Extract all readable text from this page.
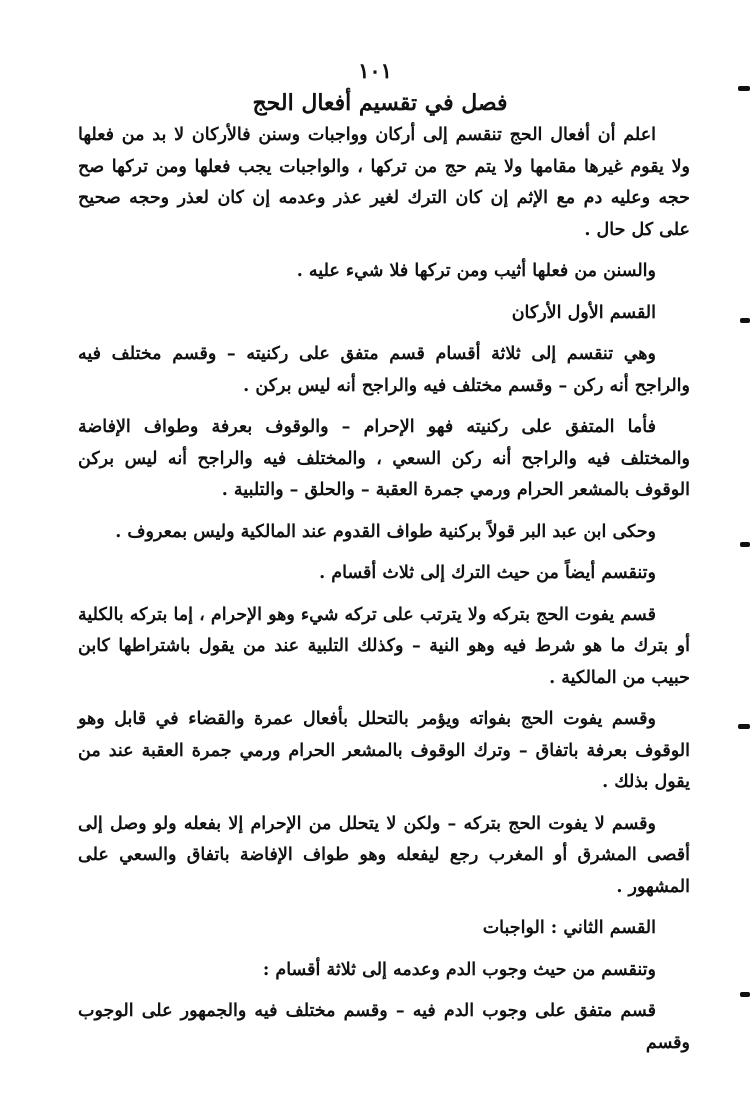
١٠١
فصل في تقسيم أفعال الحج

اعلم أن أفعال الحج تنقسم إلى أركان وواجبات وسنن فالأركان لا بد من فعلها ولا يقوم غيرها مقامها ولا يتم حج من تركها ، والواجبات يجب فعلها ومن تركها صح حجه وعليه دم مع الإثم إن كان الترك لغير عذر وعدمه إن كان لعذر وحجه صحيح على كل حال .

والسنن من فعلها أثيب ومن تركها فلا شيء عليه .

القسم الأول الأركان

وهي تنقسم إلى ثلاثة أقسام قسم متفق على ركنيته – وقسم مختلف فيه والراجح أنه ركن – وقسم مختلف فيه والراجح أنه ليس بركن .

فأما المتفق على ركنيته فهو الإحرام – والوقوف بعرفة وطواف الإفاضة والمختلف فيه والراجح أنه ركن السعي ، والمختلف فيه والراجح أنه ليس بركن الوقوف بالمشعر الحرام ورمي جمرة العقبة – والحلق – والتلبية .

وحكى ابن عبد البر قولاً بركنية طواف القدوم عند المالكية وليس بمعروف .

وتنقسم أيضاً من حيث الترك إلى ثلاث أقسام .

قسم يفوت الحج بتركه ولا يترتب على تركه شيء وهو الإحرام ، إما بتركه بالكلية أو بترك ما هو شرط فيه وهو النية – وكذلك التلبية عند من يقول باشتراطها كابن حبيب من المالكية .

وقسم يفوت الحج بفواته ويؤمر بالتحلل بأفعال عمرة والقضاء في قابل وهو الوقوف بعرفة باتفاق – وترك الوقوف بالمشعر الحرام ورمي جمرة العقبة عند من يقول بذلك .

وقسم لا يفوت الحج بتركه – ولكن لا يتحلل من الإحرام إلا بفعله ولو وصل إلى أقصى المشرق أو المغرب رجع ليفعله وهو طواف الإفاضة باتفاق والسعي على المشهور .

القسم الثاني : الواجبات

وتنقسم من حيث وجوب الدم وعدمه إلى ثلاثة أقسام :

قسم متفق على وجوب الدم فيه – وقسم مختلف فيه والجمهور على الوجوب وقسم
